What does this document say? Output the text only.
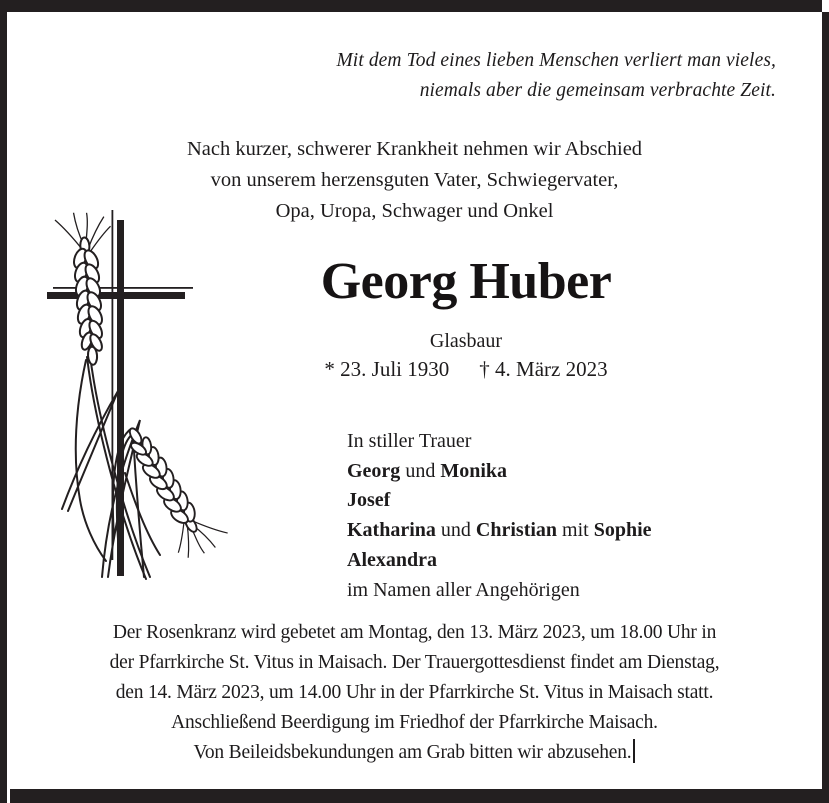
Mit dem Tod eines lieben Menschen verliert man vieles,
niemals aber die gemeinsam verbrachte Zeit.
Nach kurzer, schwerer Krankheit nehmen wir Abschied
von unserem herzensguten Vater, Schwiegervater,
Opa, Uropa, Schwager und Onkel
Georg Huber
Glasbaur
* 23. Juli 1930 † 4. März 2023
In stiller Trauer
Georg und Monika
Josef
Katharina und Christian mit Sophie
Alexandra
im Namen aller Angehörigen
Der Rosenkranz wird gebetet am Montag, den 13. März 2023, um 18.00 Uhr in
der Pfarrkirche St. Vitus in Maisach. Der Trauergottesdienst findet am Dienstag,
den 14. März 2023, um 14.00 Uhr in der Pfarrkirche St. Vitus in Maisach statt.
Anschließend Beerdigung im Friedhof der Pfarrkirche Maisach.
Von Beileidsbekundungen am Grab bitten wir abzusehen.
